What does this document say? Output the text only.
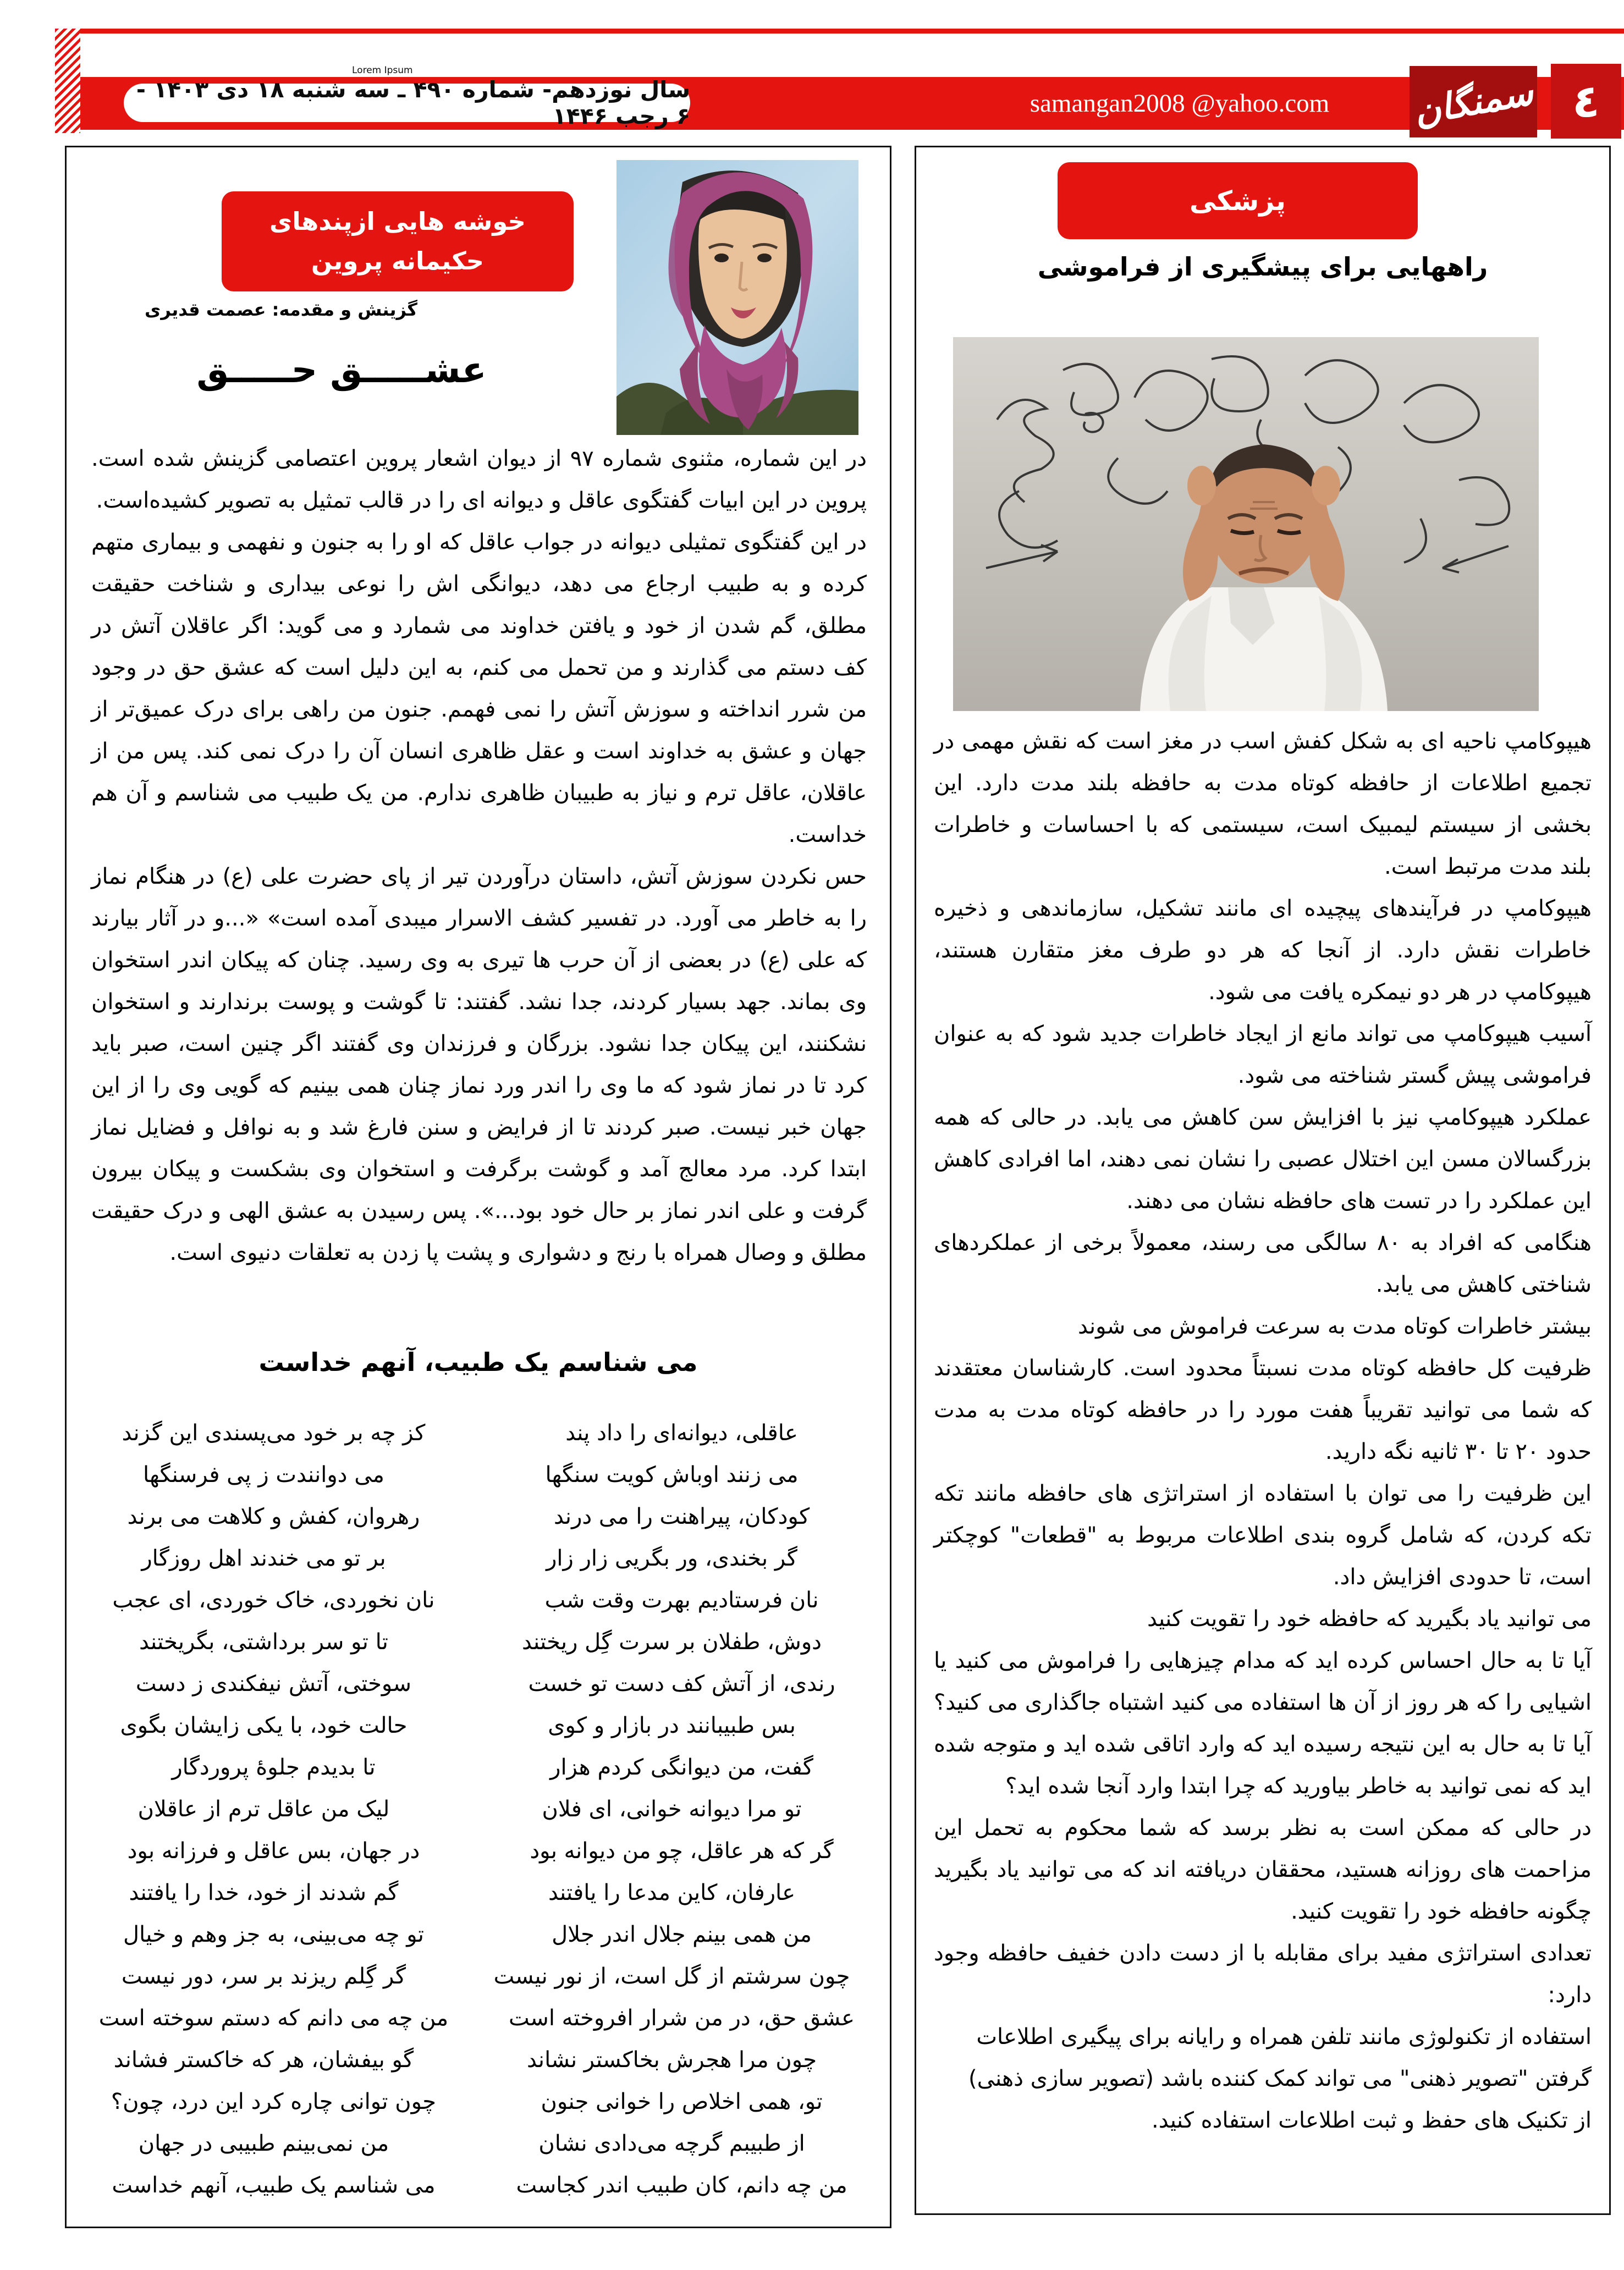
Lorem Ipsum
سال نوزدهم- شماره ۴۹۰ ـ سه شنبه ۱۸ دی ۱۴۰۳ - ۶ رجب ۱۴۴۶	samangan2008 @yahoo.com	سمنگان ٤
خوشه هایی ازپندهای
حکیمانه پروین
گزینش و مقدمه: عصمت قدیری
عشـــــق حـــــق

در این شماره، مثنوی شماره ۹۷ از دیوان اشعار پروین اعتصامی گزینش شده است. پروین در این ابیات گفتگوی عاقل و دیوانه ای را در قالب تمثیل به تصویر کشیده‌است.

در این گفتگوی تمثیلی دیوانه در جواب عاقل که او را به جنون و نفهمی و بیماری متهم کرده و به طبیب ارجاع می دهد، دیوانگی اش را نوعی بیداری و شناخت حقیقت مطلق، گم شدن از خود و یافتن خداوند می شمارد و می گوید: اگر عاقلان آتش در کف دستم می گذارند و من تحمل می کنم، به این دلیل است که عشق حق در وجود من شرر انداخته و سوزش آتش را نمی فهمم. جنون من راهی برای درک عمیق‌تر از جهان و عشق به خداوند است و عقل ظاهری انسان آن را درک نمی کند. پس من از عاقلان، عاقل ترم و نیاز به طبیبان ظاهری ندارم. من یک طبیب می شناسم و آن هم خداست.

حس نکردن سوزش آتش، داستان درآوردن تیر از پای حضرت علی (ع) در هنگام نماز را به خاطر می آورد. در تفسیر کشف الاسرار میبدی آمده است» «...و در آثار بیارند که علی (ع) در بعضی از آن حرب ها تیری به وی رسید. چنان که پیکان اندر استخوان وی بماند. جهد بسیار کردند، جدا نشد. گفتند: تا گوشت و پوست برندارند و استخوان نشکنند، این پیکان جدا نشود. بزرگان و فرزندان وی گفتند اگر چنین است، صبر باید کرد تا در نماز شود که ما وی را اندر ورد نماز چنان همی بینیم که گویی وی را از این جهان خبر نیست. صبر کردند تا از فرایض و سنن فارغ شد و به نوافل و فضایل نماز ابتدا کرد. مرد معالج آمد و گوشت برگرفت و استخوان وی بشکست و پیکان بیرون گرفت و علی اندر نماز بر حال خود بود...». پس رسیدن به عشق الهی و درک حقیقت مطلق و وصال همراه با رنج و دشواری و پشت پا زدن به تعلقات دنیوی است.

می شناسم یک طبیب، آنهم خداست
عاقلی، دیوانه‌ای را داد پند
کز چه بر خود می‌پسندی این گزند
می زنند اوباش کویت سنگها
می دوانندت ز پی فرسنگها
کودکان، پیراهنت را می درند
رهروان، کفش و کلاهت می برند
گر بخندی، ور بگریی زار زار
بر تو می خندند اهل روزگار
نان فرستادیم بهرت وقت شب
نان نخوردی، خاک خوردی، ای عجب
دوش، طفلان بر سرت گِل ریختند
تا تو سر برداشتی، بگریختند
رندی، از آتش کف دست تو خست
سوختی، آتش نیفکندی ز دست
بس طبیبانند در بازار و کوی
حالت خود، با یکی زایشان بگوی
گفت، من دیوانگی کردم هزار
تا بدیدم جلوهٔ پروردگار
تو مرا دیوانه خوانی، ای فلان
لیک من عاقل ترم از عاقلان
گر که هر عاقل، چو من دیوانه بود
در جهان، بس عاقل و فرزانه بود
عارفان، کاین مدعا را یافتند
گم شدند از خود، خدا را یافتند
من همی بینم جلال اندر جلال
تو چه می‌بینی، به جز وهم و خیال
چون سرشتم از گل است، از نور نیست
گر گِلم ریزند بر سر، دور نیست
عشق حق، در من شرار افروخته است
من چه می دانم که دستم سوخته است
چون مرا هجرش بخاکستر نشاند
گو بیفشان، هر که خاکستر فشاند
تو، همی اخلاص را خوانی جنون
چون توانی چاره کرد این درد، چون؟
از طبیبم گرچه می‌دادی نشان
من نمی‌بینم طبیبی در جهان
من چه دانم، کان طبیب اندر کجاست
می شناسم یک طبیب، آنهم خداست
پزشکی
راههایی برای پیشگیری از فراموشی

هیپوکامپ ناحیه ای به شکل کفش اسب در مغز است که نقش مهمی در تجمیع اطلاعات از حافظه کوتاه مدت به حافظه بلند مدت دارد. این بخشی از سیستم لیمبیک است، سیستمی که با احساسات و خاطرات بلند مدت مرتبط است.

هیپوکامپ در فرآیندهای پیچیده ای مانند تشکیل، سازماندهی و ذخیره خاطرات نقش دارد. از آنجا که هر دو طرف مغز متقارن هستند، هیپوکامپ در هر دو نیمکره یافت می شود.

آسیب هیپوکامپ می تواند مانع از ایجاد خاطرات جدید شود که به عنوان فراموشی پیش گستر شناخته می شود.

عملکرد هیپوکامپ نیز با افزایش سن کاهش می یابد. در حالی که همه بزرگسالان مسن این اختلال عصبی را نشان نمی دهند، اما افرادی کاهش این عملکرد را در تست های حافظه نشان می دهند.

هنگامی که افراد به ۸۰ سالگی می رسند، معمولاً برخی از عملکردهای شناختی کاهش می یابد.

بیشتر خاطرات کوتاه مدت به سرعت فراموش می شوند

ظرفیت کل حافظه کوتاه مدت نسبتاً محدود است. کارشناسان معتقدند که شما می توانید تقریباً هفت مورد را در حافظه کوتاه مدت به مدت حدود ۲۰ تا ۳۰ ثانیه نگه دارید.

این ظرفیت را می توان با استفاده از استراتژی های حافظه مانند تکه تکه کردن، که شامل گروه بندی اطلاعات مربوط به "قطعات" کوچکتر است، تا حدودی افزایش داد.

می توانید یاد بگیرید که حافظه خود را تقویت کنید

آیا تا به حال احساس کرده اید که مدام چیزهایی را فراموش می کنید یا اشیایی را که هر روز از آن ها استفاده می کنید اشتباه جاگذاری می کنید؟ آیا تا به حال به این نتیجه رسیده اید که وارد اتاقی شده اید و متوجه شده اید که نمی توانید به خاطر بیاورید که چرا ابتدا وارد آنجا شده اید؟

در حالی که ممکن است به نظر برسد که شما محکوم به تحمل این مزاحمت های روزانه هستید، محققان دریافته اند که می توانید یاد بگیرید چگونه حافظه خود را تقویت کنید.

تعدادی استراتژی مفید برای مقابله با از دست دادن خفیف حافظه وجود دارد:

استفاده از تکنولوژی مانند تلفن همراه و رایانه برای پیگیری اطلاعات

گرفتن "تصویر ذهنی" می تواند کمک کننده باشد (تصویر سازی ذهنی)

از تکنیک های حفظ و ثبت اطلاعات استفاده کنید.
